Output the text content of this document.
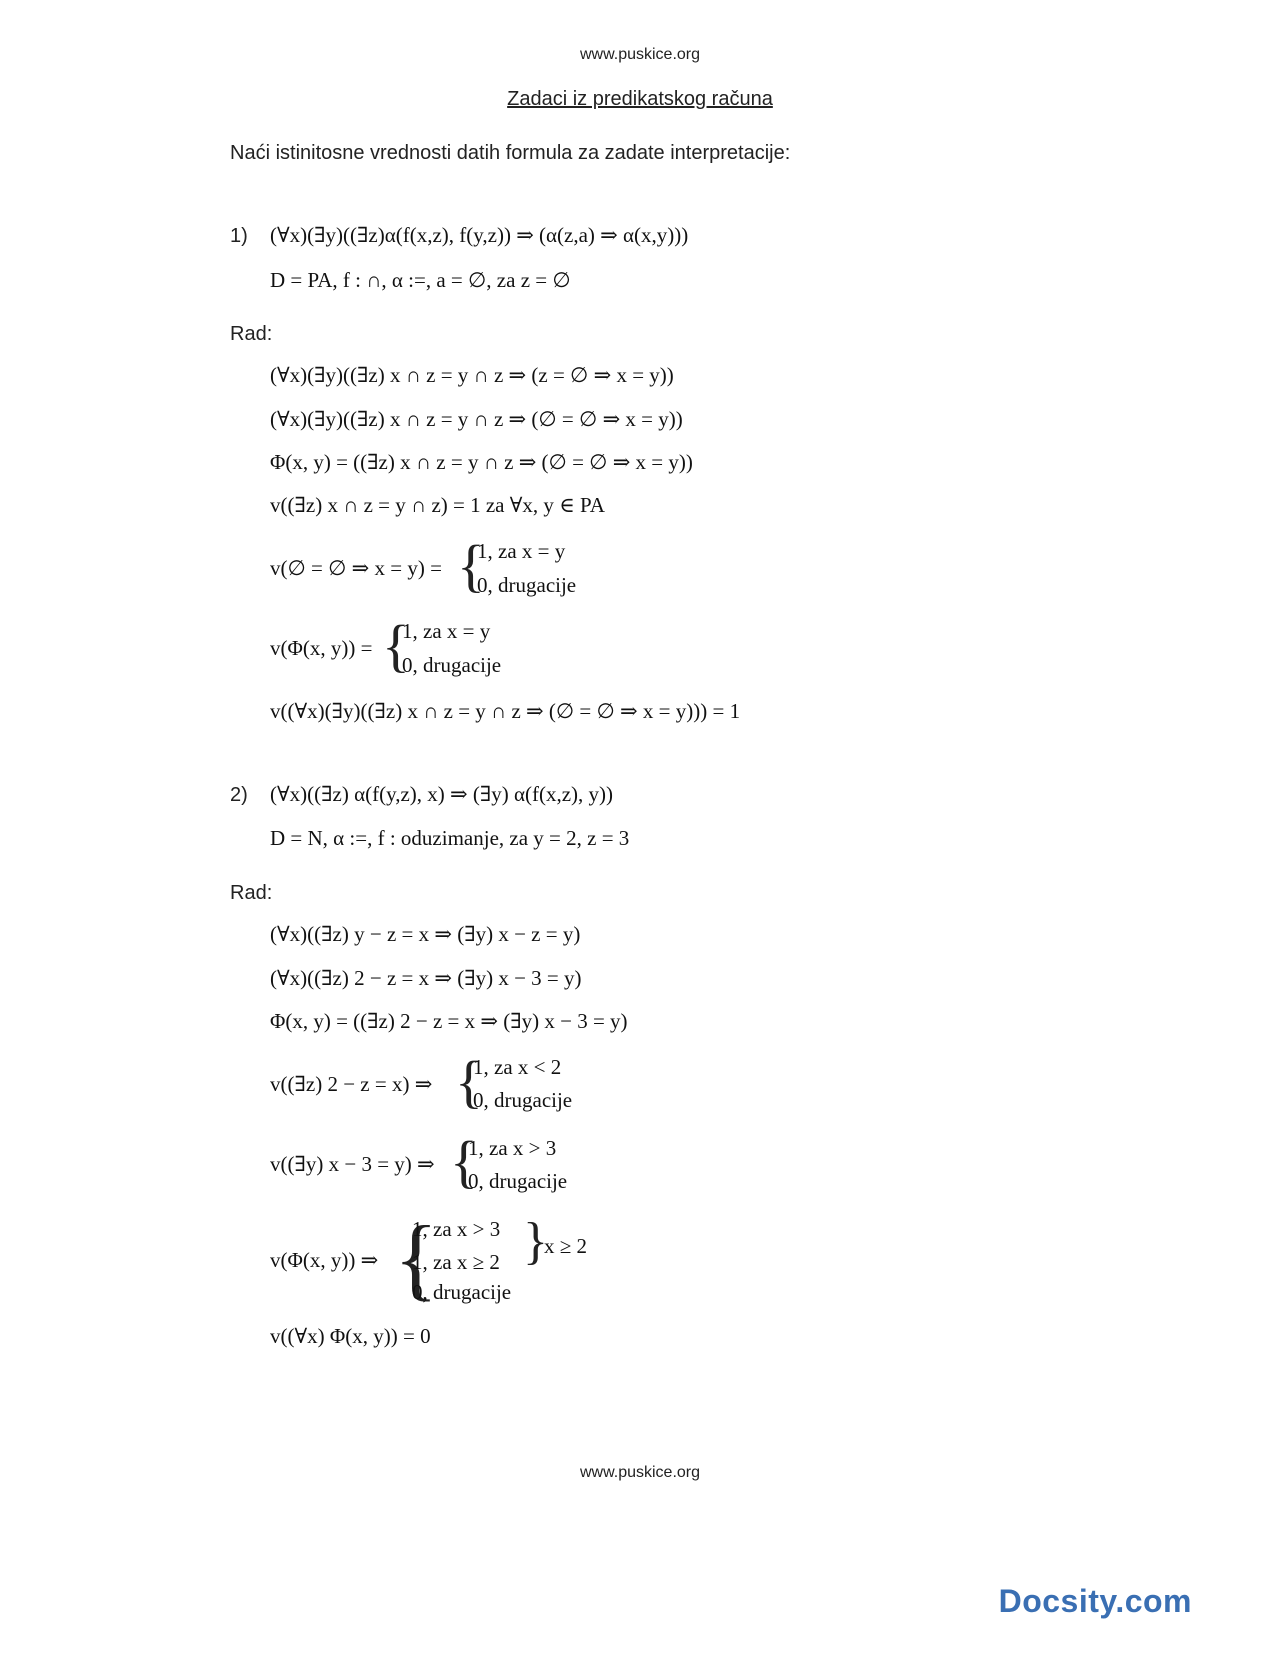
www.puskice.org
Zadaci iz predikatskog računa
Naći istinitosne vrednosti datih formula za zadate interpretacije:
1) (∀x)(∃y)((∃z)α(f(x,z), f(y,z)) ⇒ (α(z,a) ⇒ α(x,y)))
D = PA, f : ∩, α :=, a = ∅, za z = ∅
Rad:
(∀x)(∃y)((∃z) x ∩ z = y ∩ z ⇒ (z = ∅ ⇒ x = y))
(∀x)(∃y)((∃z) x ∩ z = y ∩ z ⇒ (∅ = ∅ ⇒ x = y))
Φ(x, y) = ((∃z) x ∩ z = y ∩ z ⇒ (∅ = ∅ ⇒ x = y))
v((∃z) x ∩ z = y ∩ z) = 1 za ∀x, y ∈ PA
v(∅ = ∅ ⇒ x = y) = {
1, za x = y
0, drugacije
v(Φ(x, y)) = {
1, za x = y
0, drugacije
v((∀x)(∃y)((∃z) x ∩ z = y ∩ z ⇒ (∅ = ∅ ⇒ x = y))) = 1
2) (∀x)((∃z) α(f(y,z), x) ⇒ (∃y) α(f(x,z), y))
D = N, α :=, f : oduzimanje, za y = 2, z = 3
Rad:
(∀x)((∃z) y − z = x ⇒ (∃y) x − z = y)
(∀x)((∃z) 2 − z = x ⇒ (∃y) x − 3 = y)
Φ(x, y) = ((∃z) 2 − z = x ⇒ (∃y) x − 3 = y)
v((∃z) 2 − z = x) ⇒ {
1, za x < 2
0, drugacije
v((∃y) x − 3 = y) ⇒ {
1, za x > 3
0, drugacije
v(Φ(x, y)) ⇒ {
1, za x > 3
1, za x ≥ 2
0, drugacije
}
x ≥ 2
v((∀x) Φ(x, y)) = 0
www.puskice.org
Docsity.com
